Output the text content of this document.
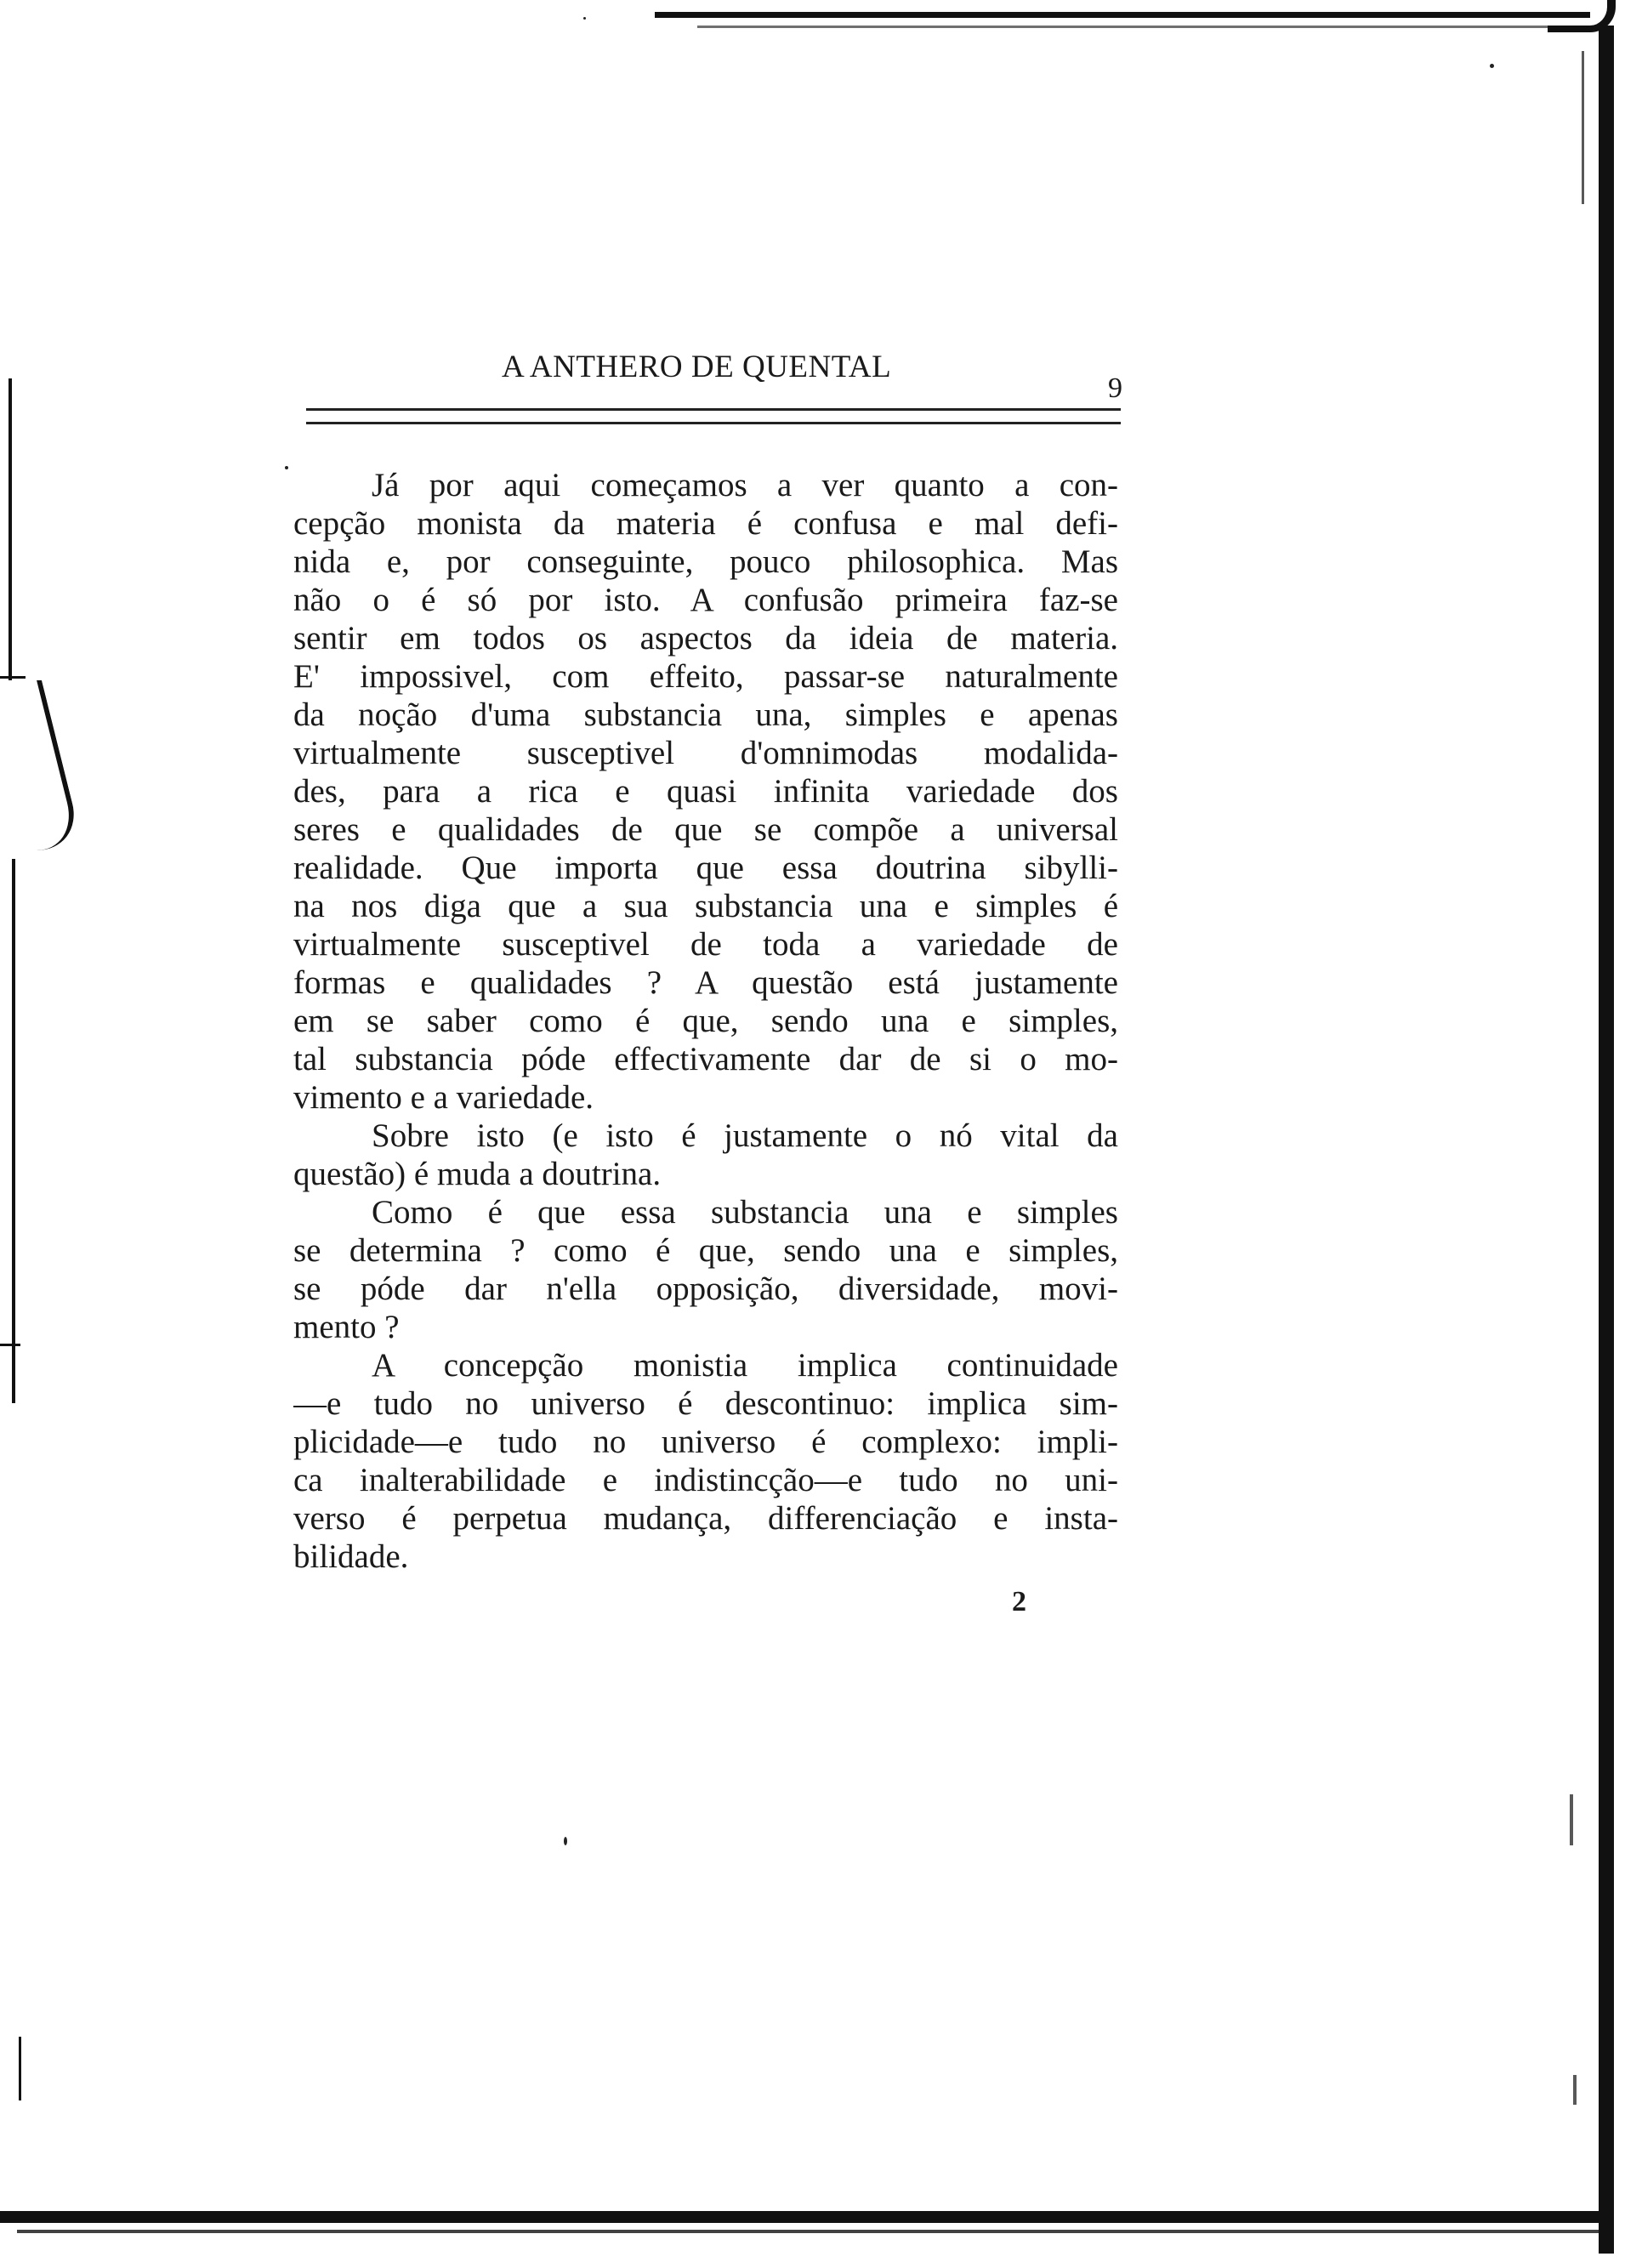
A ANTHERO DE QUENTAL
9
Já por aqui começamos a ver quanto a con-
cepção monista da materia é confusa e mal defi-
nida e, por conseguinte, pouco philosophica. Mas
não o é só por isto. A confusão primeira faz-se
sentir em todos os aspectos da ideia de materia.
E' impossivel, com effeito, passar-se naturalmente
da noção d'uma substancia una, simples e apenas
virtualmente susceptivel d'omnimodas modalida-
des, para a rica e quasi infinita variedade dos
seres e qualidades de que se compõe a universal
realidade. Que importa que essa doutrina sibylli-
na nos diga que a sua substancia una e simples é
virtualmente susceptivel de toda a variedade de
formas e qualidades ? A questão está justamente
em se saber como é que, sendo una e simples,
tal substancia póde effectivamente dar de si o mo-
vimento e a variedade.
Sobre isto (e isto é justamente o nó vital da
questão) é muda a doutrina.
Como é que essa substancia una e simples
se determina ? como é que, sendo una e simples,
se póde dar n'ella opposição, diversidade, movi-
mento ?
A concepção monistia implica continuidade
—e tudo no universo é descontinuo: implica sim-
plicidade—e tudo no universo é complexo: impli-
ca inalterabilidade e indistincção—e tudo no uni-
verso é perpetua mudança, differenciação e insta-
bilidade.
2
